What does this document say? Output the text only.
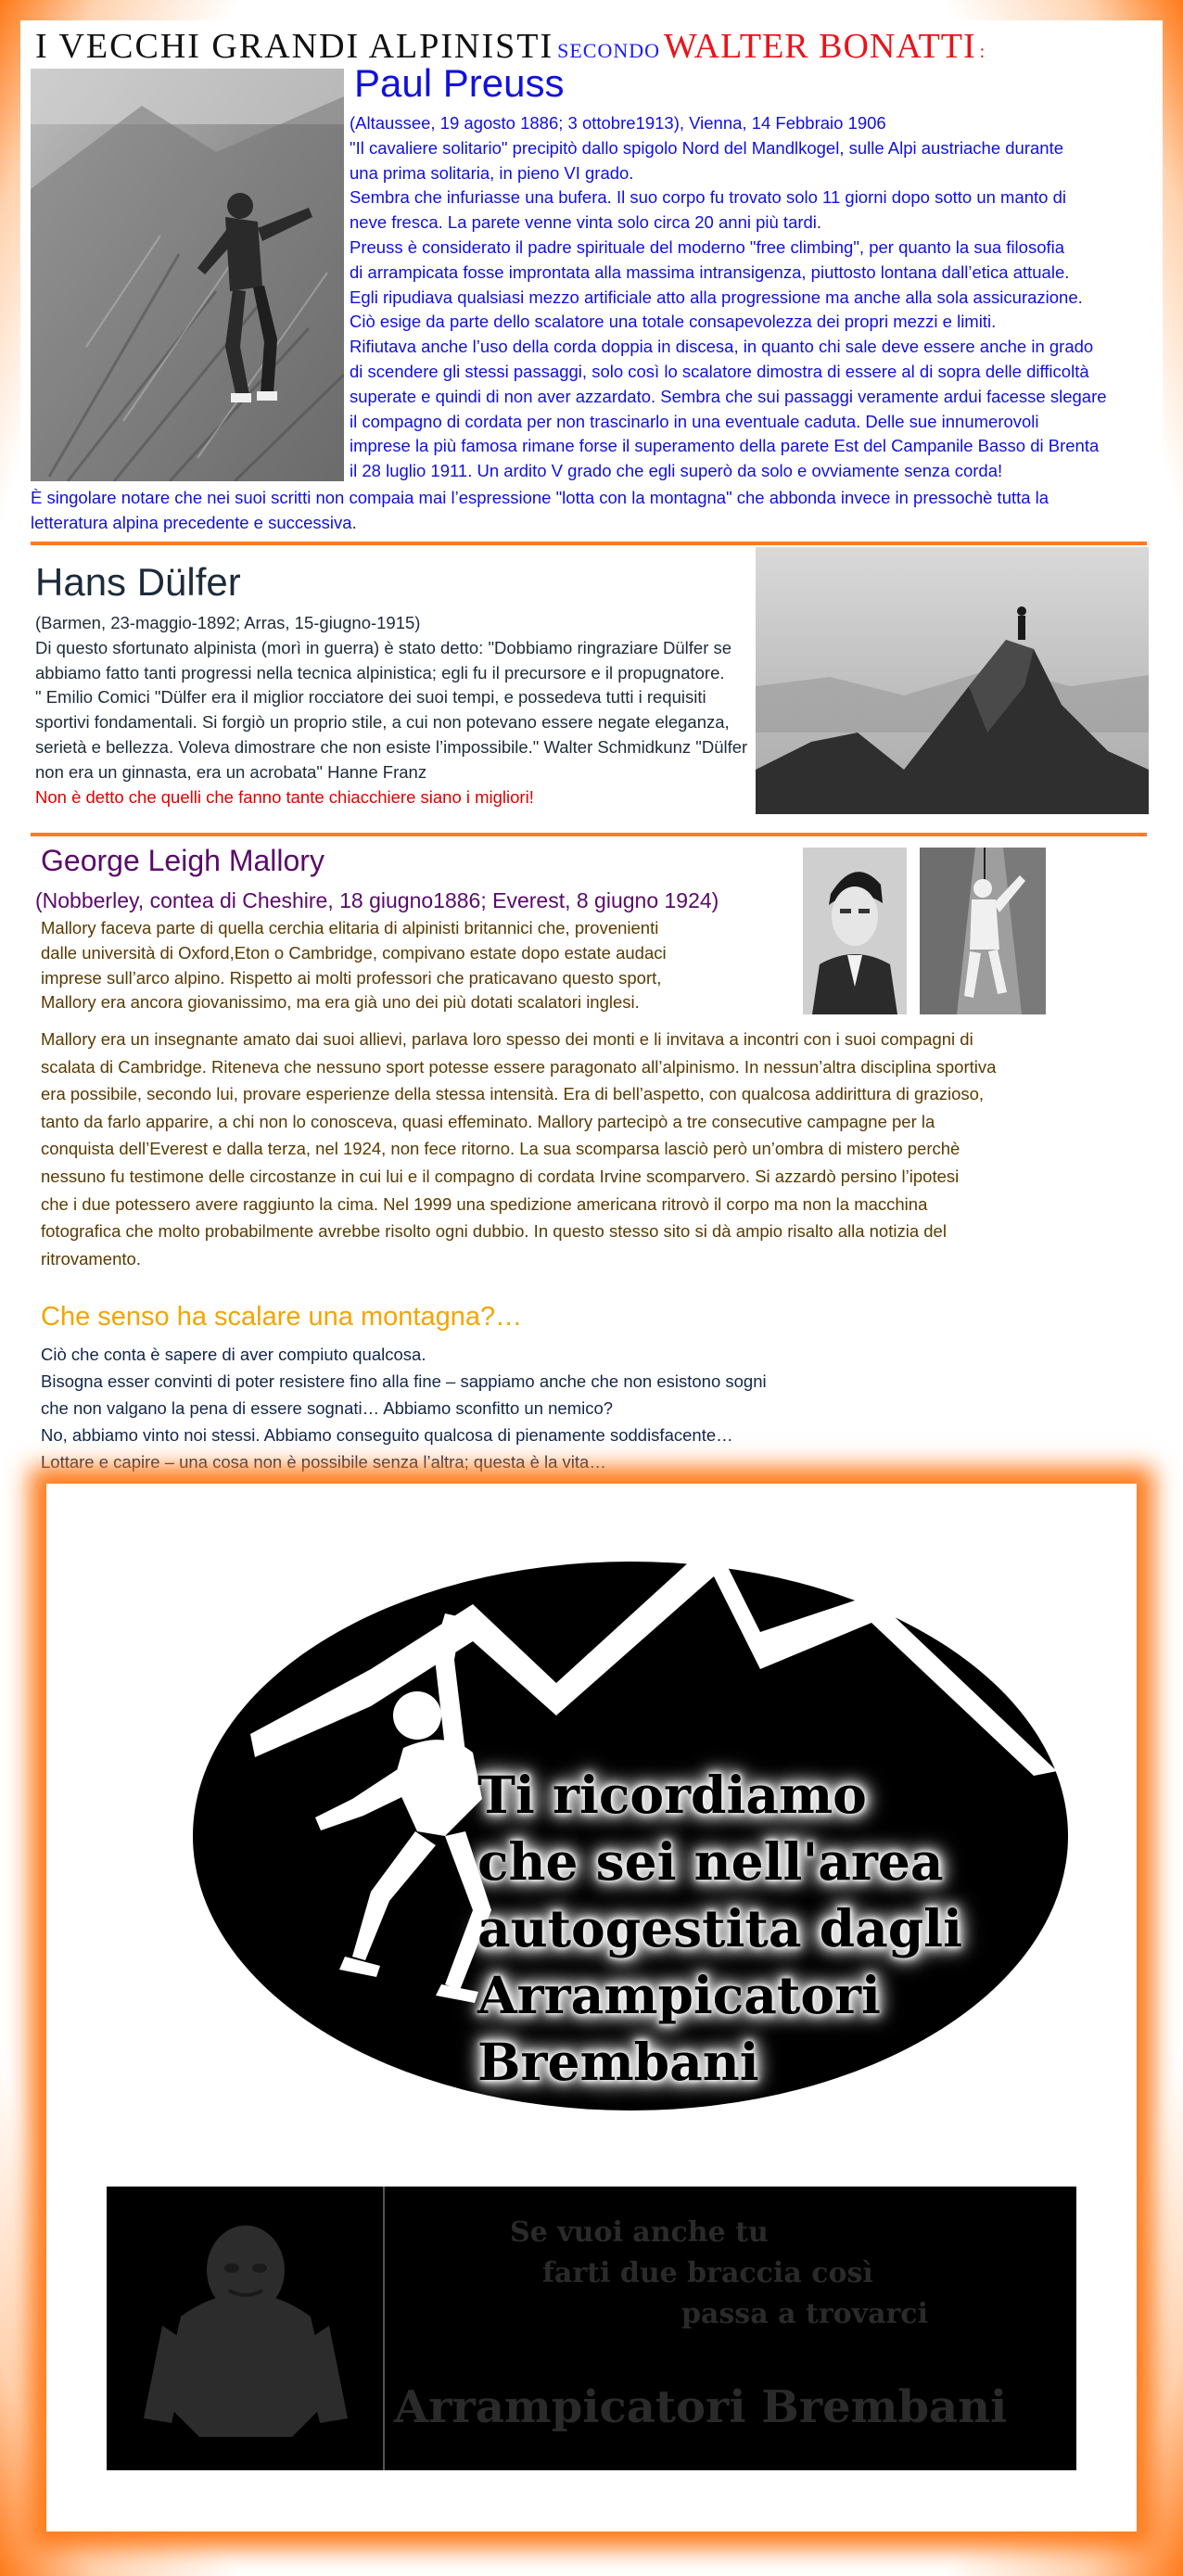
I VECCHI GRANDI ALPINISTI SECONDO WALTER BONATTI :
Paul Preuss
(Altaussee, 19 agosto 1886; 3 ottobre1913), Vienna, 14 Febbraio 1906
"Il cavaliere solitario" precipitò dallo spigolo Nord del Mandlkogel, sulle Alpi austriache durante
una prima solitaria, in pieno VI grado.
Sembra che infuriasse una bufera. Il suo corpo fu trovato solo 11 giorni dopo sotto un manto di
neve fresca. La parete venne vinta solo circa 20 anni più tardi.
Preuss è considerato il padre spirituale del moderno "free climbing", per quanto la sua filosofia
di arrampicata fosse improntata alla massima intransigenza, piuttosto lontana dall’etica attuale.
Egli ripudiava qualsiasi mezzo artificiale atto alla progressione ma anche alla sola assicurazione.
Ciò esige da parte dello scalatore una totale consapevolezza dei propri mezzi e limiti.
Rifiutava anche l’uso della corda doppia in discesa, in quanto chi sale deve essere anche in grado
di scendere gli stessi passaggi, solo così lo scalatore dimostra di essere al di sopra delle difficoltà
superate e quindi di non aver azzardato. Sembra che sui passaggi veramente ardui facesse slegare
il compagno di cordata per non trascinarlo in una eventuale caduta. Delle sue innumerovoli
imprese la più famosa rimane forse il superamento della parete Est del Campanile Basso di Brenta
il 28 luglio 1911. Un ardito V grado che egli superò da solo e ovviamente senza corda!
È singolare notare che nei suoi scritti non compaia mai l’espressione "lotta con la montagna" che abbonda invece in pressochè tutta la
letteratura alpina precedente e successiva.
Hans Dülfer
(Barmen, 23-maggio-1892; Arras, 15-giugno-1915)
Di questo sfortunato alpinista (morì in guerra) è stato detto: "Dobbiamo ringraziare Dülfer se
abbiamo fatto tanti progressi nella tecnica alpinistica; egli fu il precursore e il propugnatore.
" Emilio Comici "Dülfer era il miglior rocciatore dei suoi tempi, e possedeva tutti i requisiti
sportivi fondamentali. Si forgiò un proprio stile, a cui non potevano essere negate eleganza,
serietà e bellezza. Voleva dimostrare che non esiste l’impossibile." Walter Schmidkunz "Dülfer
non era un ginnasta, era un acrobata" Hanne Franz
Non è detto che quelli che fanno tante chiacchiere siano i migliori!
George Leigh Mallory
(Nobberley, contea di Cheshire, 18 giugno1886; Everest, 8 giugno 1924)
Mallory faceva parte di quella cerchia elitaria di alpinisti britannici che, provenienti
dalle università di Oxford,Eton o Cambridge, compivano estate dopo estate audaci
imprese sull’arco alpino. Rispetto ai molti professori che praticavano questo sport,
Mallory era ancora giovanissimo, ma era già uno dei più dotati scalatori inglesi.
Mallory era un insegnante amato dai suoi allievi, parlava loro spesso dei monti e li invitava a incontri con i suoi compagni di
scalata di Cambridge. Riteneva che nessuno sport potesse essere paragonato all’alpinismo. In nessun’altra disciplina sportiva
era possibile, secondo lui, provare esperienze della stessa intensità. Era di bell’aspetto, con qualcosa addirittura di grazioso,
tanto da farlo apparire, a chi non lo conosceva, quasi effeminato. Mallory partecipò a tre consecutive campagne per la
conquista dell’Everest e dalla terza, nel 1924, non fece ritorno. La sua scomparsa lasciò però un’ombra di mistero perchè
nessuno fu testimone delle circostanze in cui lui e il compagno di cordata Irvine scomparvero. Si azzardò persino l’ipotesi
che i due potessero avere raggiunto la cima. Nel 1999 una spedizione americana ritrovò il corpo ma non la macchina
fotografica che molto probabilmente avrebbe risolto ogni dubbio. In questo stesso sito si dà ampio risalto alla notizia del
ritrovamento.
Che senso ha scalare una montagna?…
Ciò che conta è sapere di aver compiuto qualcosa.
Bisogna esser convinti di poter resistere fino alla fine – sappiamo anche che non esistono sogni
che non valgano la pena di essere sognati… Abbiamo sconfitto un nemico?
No, abbiamo vinto noi stessi. Abbiamo conseguito qualcosa di pienamente soddisfacente…
Lottare e capire – una cosa non è possibile senza l’altra; questa è la vita…
Ti ricordiamo
che sei nell'area
autogestita dagli
Arrampicatori
Brembani
Se vuoi anche tu
farti due braccia così
passa a trovarci
Arrampicatori Brembani
